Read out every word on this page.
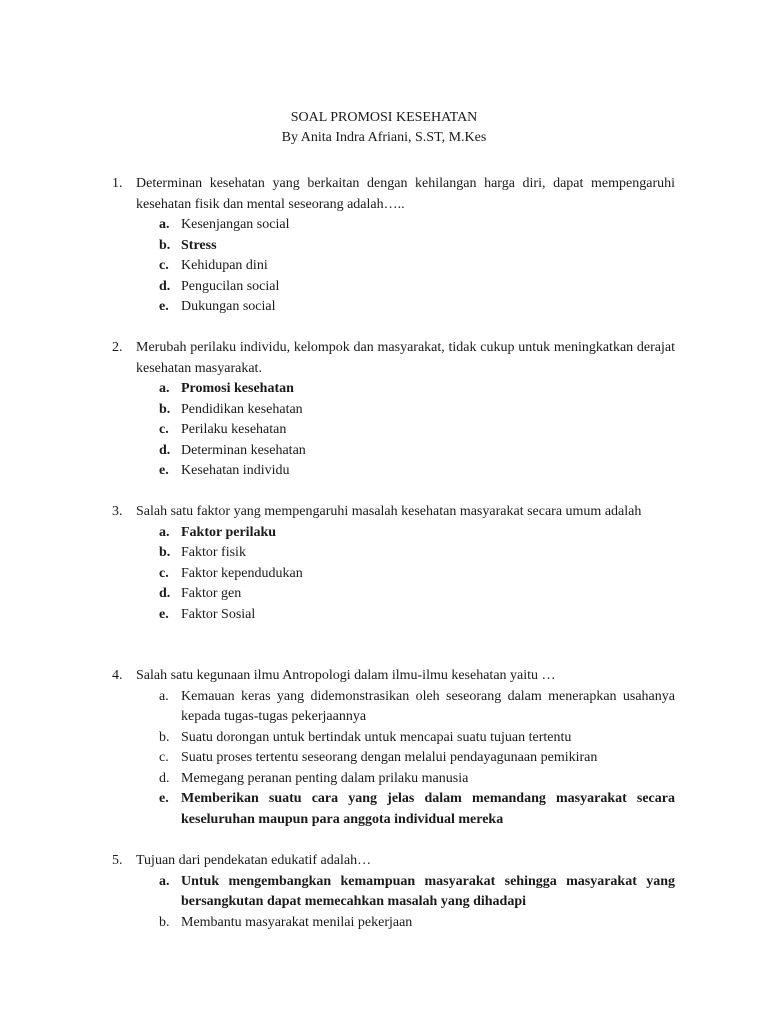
SOAL PROMOSI KESEHATAN
By Anita Indra Afriani, S.ST, M.Kes
1. Determinan kesehatan yang berkaitan dengan kehilangan harga diri, dapat mempengaruhi kesehatan fisik dan mental seseorang adalah…..
a. Kesenjangan social
b. Stress
c. Kehidupan dini
d. Pengucilan social
e. Dukungan social
2. Merubah perilaku individu, kelompok dan masyarakat, tidak cukup untuk meningkatkan derajat kesehatan masyarakat.
a. Promosi kesehatan
b. Pendidikan kesehatan
c. Perilaku kesehatan
d. Determinan kesehatan
e. Kesehatan individu
3. Salah satu faktor yang mempengaruhi masalah kesehatan masyarakat secara umum adalah
a. Faktor perilaku
b. Faktor fisik
c. Faktor kependudukan
d. Faktor gen
e. Faktor Sosial
4. Salah satu kegunaan ilmu Antropologi dalam ilmu-ilmu kesehatan yaitu …
a. Kemauan keras yang didemonstrasikan oleh seseorang dalam menerapkan usahanya kepada tugas-tugas pekerjaannya
b. Suatu dorongan untuk bertindak untuk mencapai suatu tujuan tertentu
c. Suatu proses tertentu seseorang dengan melalui pendayagunaan pemikiran
d. Memegang peranan penting dalam prilaku manusia
e. Memberikan suatu cara yang jelas dalam memandang masyarakat secara keseluruhan maupun para anggota individual mereka
5. Tujuan dari pendekatan edukatif adalah…
a. Untuk mengembangkan kemampuan masyarakat sehingga masyarakat yang bersangkutan dapat memecahkan masalah yang dihadapi
b. Membantu masyarakat menilai pekerjaan
